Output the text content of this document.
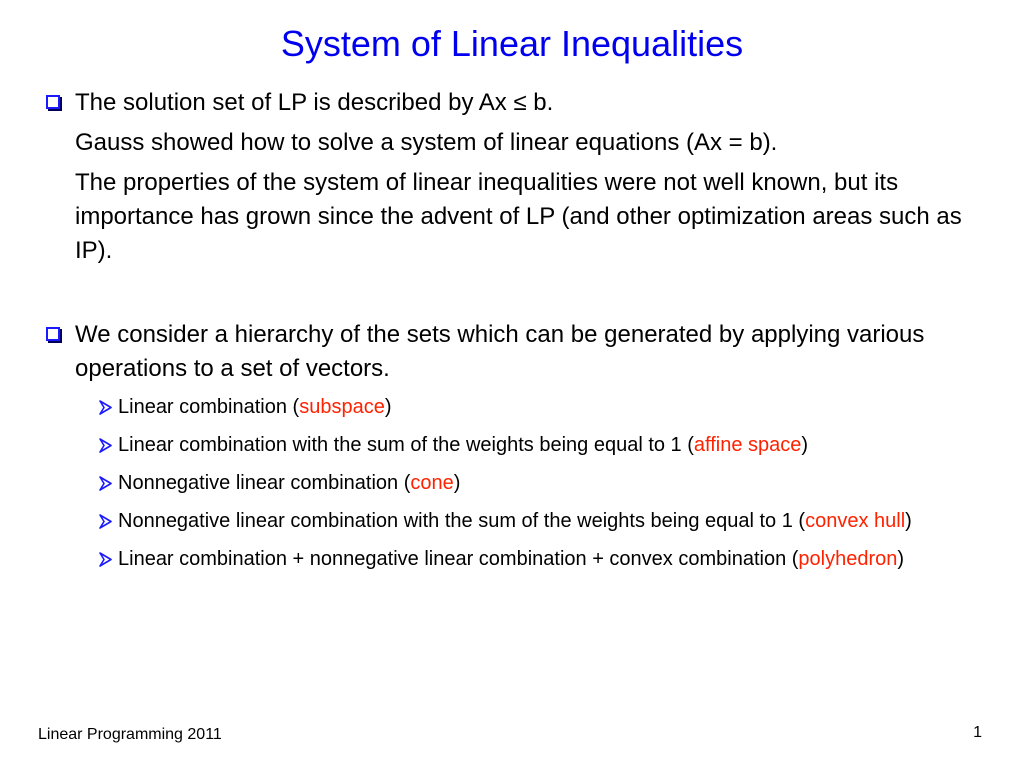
System of Linear Inequalities
The solution set of LP is described by Ax ≤ b.
Gauss showed how to solve a system of linear equations (Ax = b).
The properties of the system of linear inequalities were not well known, but its importance has grown since the advent of LP (and other optimization areas such as IP).
We consider a hierarchy of the sets which can be generated by applying various operations to a set of vectors.
Linear combination (subspace)
Linear combination with the sum of the weights being equal to 1 (affine space)
Nonnegative linear combination (cone)
Nonnegative linear combination with the sum of the weights being equal to 1 (convex hull)
Linear combination + nonnegative linear combination + convex combination (polyhedron)
Linear Programming 2011	1
